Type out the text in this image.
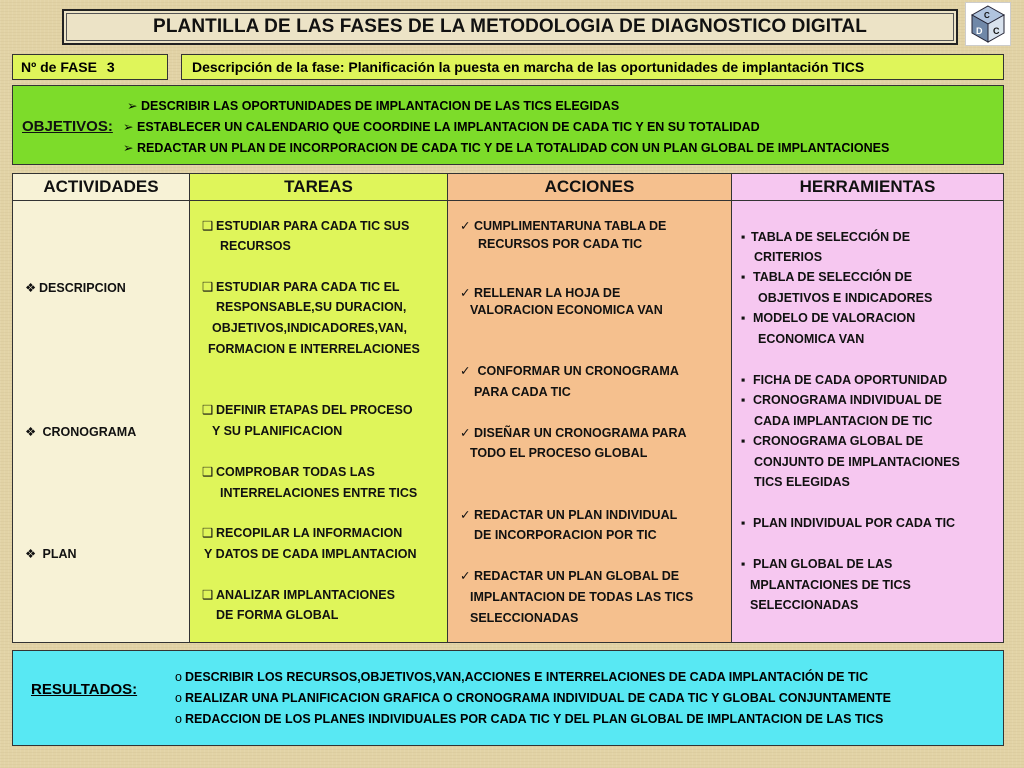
PLANTILLA DE LAS FASES DE LA METODOLOGIA DE DIAGNOSTICO DIGITAL
C
D C
Nº de FASE 3	Descripción de la fase: Planificación la puesta en marcha de las oportunidades de implantación TICS
OBJETIVOS:
➢ DESCRIBIR LAS OPORTUNIDADES DE IMPLANTACION DE LAS TICS ELEGIDAS
➢ ESTABLECER UN CALENDARIO QUE COORDINE LA IMPLANTACION DE CADA TIC Y EN SU TOTALIDAD
➢ REDACTAR UN PLAN DE INCORPORACION DE CADA TIC Y DE LA TOTALIDAD CON UN PLAN GLOBAL DE IMPLANTACIONES
ACTIVIDADES
❖ DESCRIPCION
❖ CRONOGRAMA
❖ PLAN
TAREAS
❑ ESTUDIAR PARA CADA TIC SUS
RECURSOS
❑ ESTUDIAR PARA CADA TIC EL
RESPONSABLE,SU DURACION,
OBJETIVOS,INDICADORES,VAN,
FORMACION E INTERRELACIONES
❑ DEFINIR ETAPAS DEL PROCESO
Y SU PLANIFICACION
❑ COMPROBAR TODAS LAS
INTERRELACIONES ENTRE TICS
❑ RECOPILAR LA INFORMACION
Y DATOS DE CADA IMPLANTACION
❑ ANALIZAR IMPLANTACIONES
DE FORMA GLOBAL
ACCIONES
✓ CUMPLIMENTARUNA TABLA DE
RECURSOS POR CADA TIC
✓ RELLENAR LA HOJA DE
VALORACION ECONOMICA VAN
✓ CONFORMAR UN CRONOGRAMA
PARA CADA TIC
✓ DISEÑAR UN CRONOGRAMA PARA
TODO EL PROCESO GLOBAL
✓ REDACTAR UN PLAN INDIVIDUAL
DE INCORPORACION POR TIC
✓ REDACTAR UN PLAN GLOBAL DE
IMPLANTACION DE TODAS LAS TICS
SELECCIONADAS
HERRAMIENTAS
▪ TABLA DE SELECCIÓN DE
CRITERIOS
▪ TABLA DE SELECCIÓN DE
OBJETIVOS E INDICADORES
▪ MODELO DE VALORACION
ECONOMICA VAN
▪ FICHA DE CADA OPORTUNIDAD
▪ CRONOGRAMA INDIVIDUAL DE
CADA IMPLANTACION DE TIC
▪ CRONOGRAMA GLOBAL DE
CONJUNTO DE IMPLANTACIONES
TICS ELEGIDAS
▪ PLAN INDIVIDUAL POR CADA TIC
▪ PLAN GLOBAL DE LAS
MPLANTACIONES DE TICS
SELECCIONADAS
RESULTADOS:
o DESCRIBIR LOS RECURSOS,OBJETIVOS,VAN,ACCIONES E INTERRELACIONES DE CADA IMPLANTACIÓN DE TIC
o REALIZAR UNA PLANIFICACION GRAFICA O CRONOGRAMA INDIVIDUAL DE CADA TIC Y GLOBAL CONJUNTAMENTE
o REDACCION DE LOS PLANES INDIVIDUALES POR CADA TIC Y DEL PLAN GLOBAL DE IMPLANTACION DE LAS TICS
